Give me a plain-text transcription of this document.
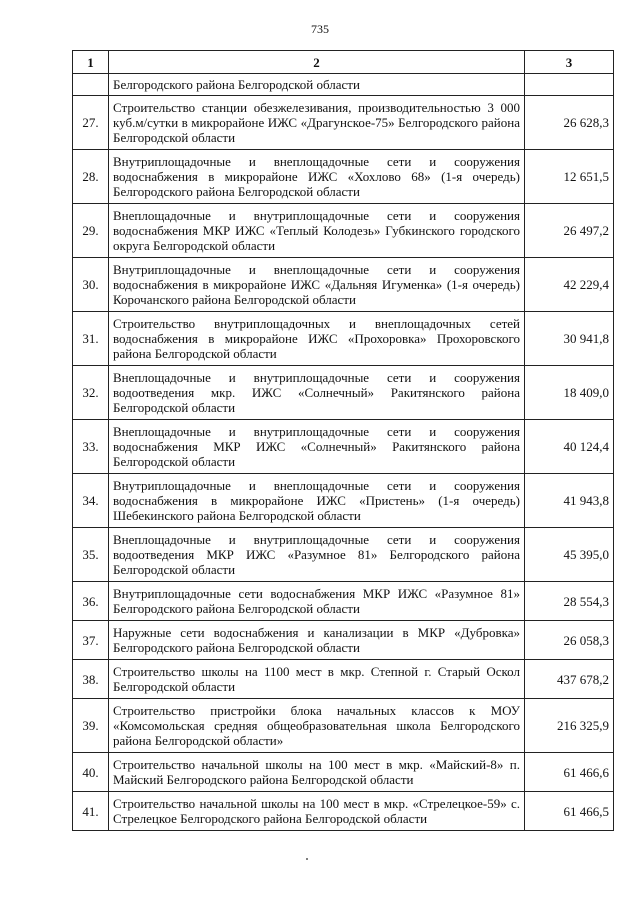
735
1	2	3
	Белгородского района Белгородской области	
27.	Строительство станции обезжелезивания, производительностью 3 000 куб.м/сутки в микрорайоне ИЖС «Драгунское-75» Белгородского района Белгородской области	26 628,3
28.	Внутриплощадочные и внеплощадочные сети и сооружения водоснабжения в микрорайоне ИЖС «Хохлово 68» (1-я очередь) Белгородского района Белгородской области	12 651,5
29.	Внеплощадочные и внутриплощадочные сети и сооружения водоснабжения МКР ИЖС «Теплый Колодезь» Губкинского городского округа Белгородской области	26 497,2
30.	Внутриплощадочные и внеплощадочные сети и сооружения водоснабжения в микрорайоне ИЖС «Дальняя Игуменка» (1-я очередь) Корочанского района Белгородской области	42 229,4
31.	Строительство внутриплощадочных и внеплощадочных сетей водоснабжения в микрорайоне ИЖС «Прохоровка» Прохоровского района Белгородской области	30 941,8
32.	Внеплощадочные и внутриплощадочные сети и сооружения водоотведения мкр. ИЖС «Солнечный» Ракитянского района Белгородской области	18 409,0
33.	Внеплощадочные и внутриплощадочные сети и сооружения водоснабжения МКР ИЖС «Солнечный» Ракитянского района Белгородской области	40 124,4
34.	Внутриплощадочные и внеплощадочные сети и сооружения водоснабжения в микрорайоне ИЖС «Пристень» (1-я очередь) Шебекинского района Белгородской области	41 943,8
35.	Внеплощадочные и внутриплощадочные сети и сооружения водоотведения МКР ИЖС «Разумное 81» Белгородского района Белгородской области	45 395,0
36.	Внутриплощадочные сети водоснабжения МКР ИЖС «Разумное 81» Белгородского района Белгородской области	28 554,3
37.	Наружные сети водоснабжения и канализации в МКР «Дубровка» Белгородского района Белгородской области	26 058,3
38.	Строительство школы на 1100 мест в мкр. Степной г. Старый Оскол Белгородской области	437 678,2
39.	Строительство пристройки блока начальных классов к МОУ «Комсомольская средняя общеобразовательная школа Белгородского района Белгородской области»	216 325,9
40.	Строительство начальной школы на 100 мест в мкр. «Майский-8» п. Майский Белгородского района Белгородской области	61 466,6
41.	Строительство начальной школы на 100 мест в мкр. «Стрелецкое-59» с. Стрелецкое Белгородского района Белгородской области	61 466,5
